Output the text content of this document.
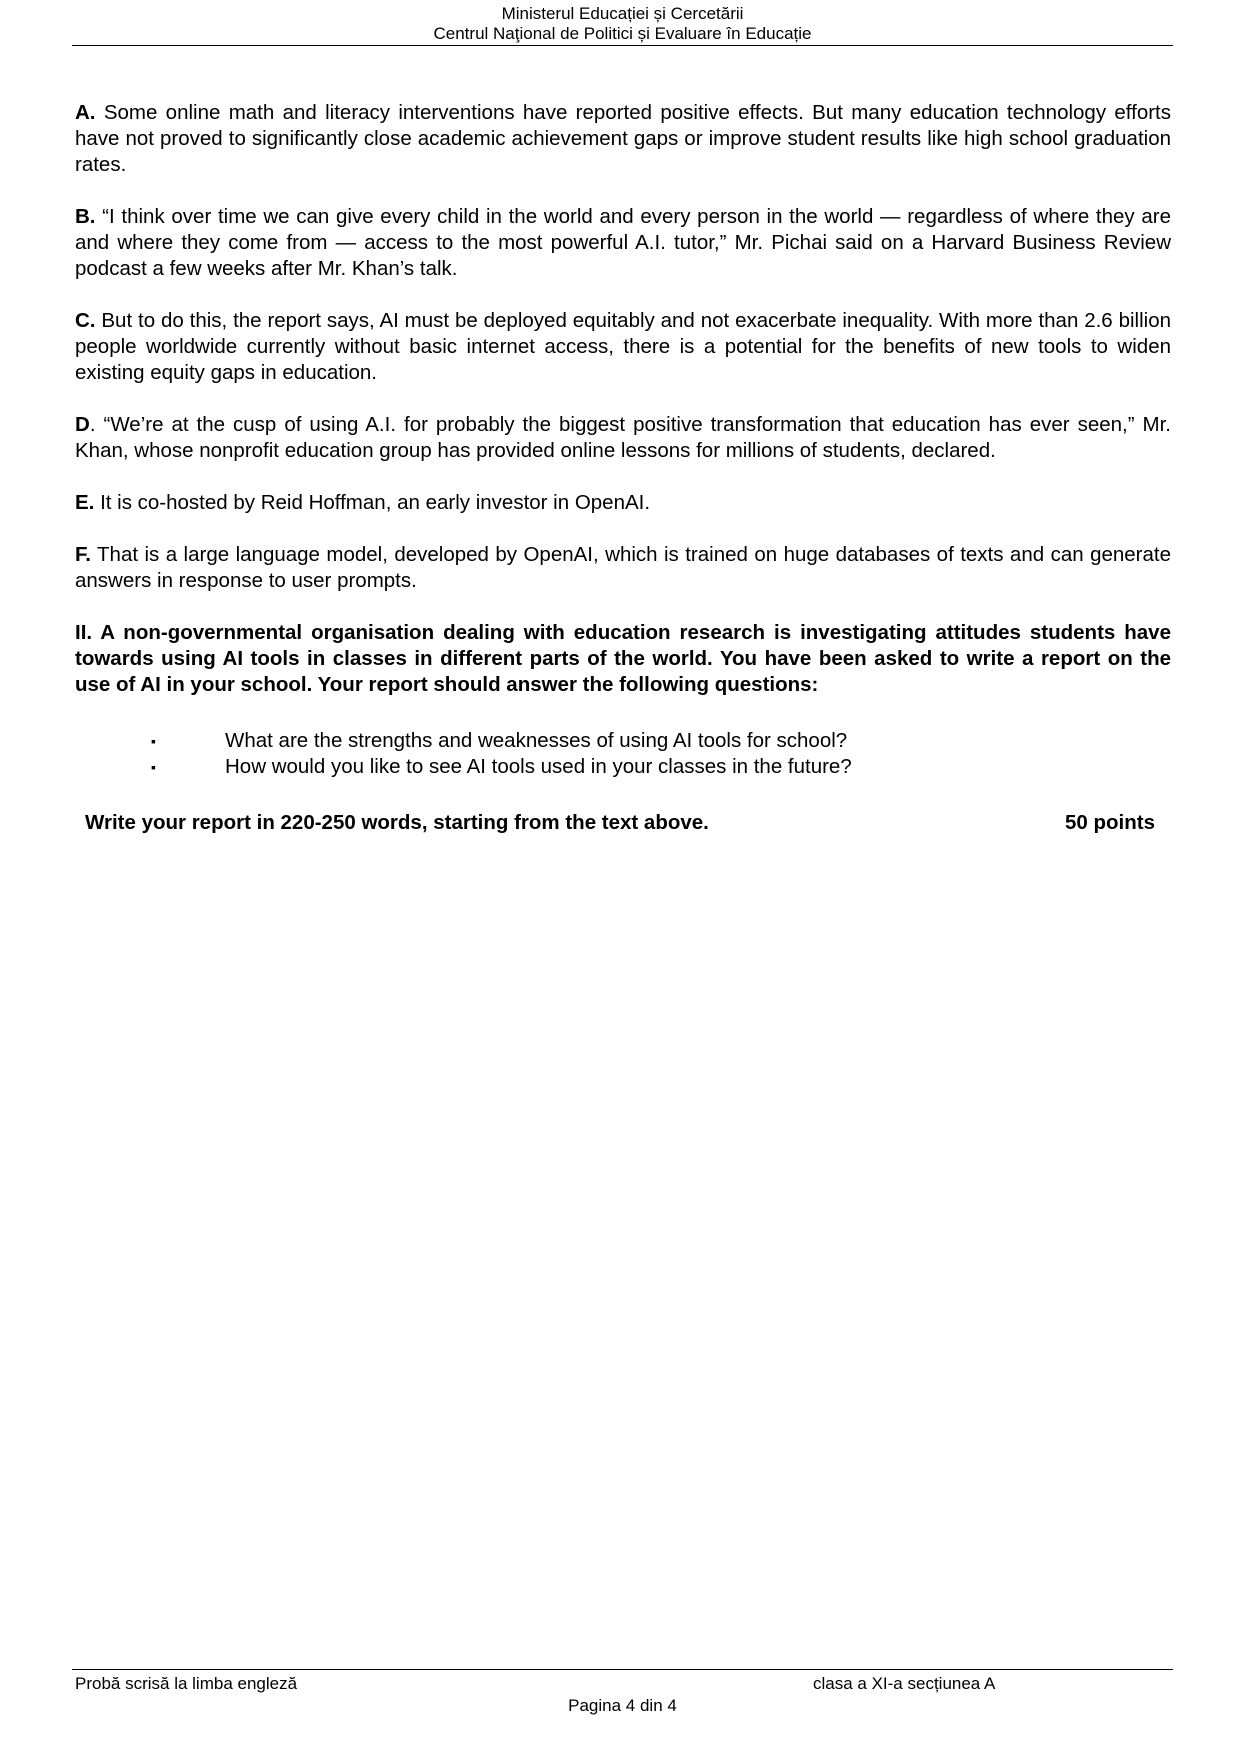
Ministerul Educației și Cercetării
Centrul Naţional de Politici și Evaluare în Educație

A. Some online math and literacy interventions have reported positive effects. But many education technology efforts have not proved to significantly close academic achievement gaps or improve student results like high school graduation rates.

B. “I think over time we can give every child in the world and every person in the world — regardless of where they are and where they come from — access to the most powerful A.I. tutor,” Mr. Pichai said on a Harvard Business Review podcast a few weeks after Mr. Khan’s talk.

C. But to do this, the report says, AI must be deployed equitably and not exacerbate inequality. With more than 2.6 billion people worldwide currently without basic internet access, there is a potential for the benefits of new tools to widen existing equity gaps in education.

D. “We’re at the cusp of using A.I. for probably the biggest positive transformation that education has ever seen,” Mr. Khan, whose nonprofit education group has provided online lessons for millions of students, declared.

E. It is co-hosted by Reid Hoffman, an early investor in OpenAI.

F. That is a large language model, developed by OpenAI, which is trained on huge databases of texts and can generate answers in response to user prompts.

II. A non-governmental organisation dealing with education research is investigating attitudes students have towards using AI tools in classes in different parts of the world. You have been asked to write a report on the use of AI in your school. Your report should answer the following questions:

▪	What are the strengths and weaknesses of using AI tools for school?
▪	How would you like to see AI tools used in your classes in the future?
Write your report in 220-250 words, starting from the text above.	50 points
Probă scrisă la limba engleză	clasa a XI-a secțiunea A
Pagina 4 din 4
